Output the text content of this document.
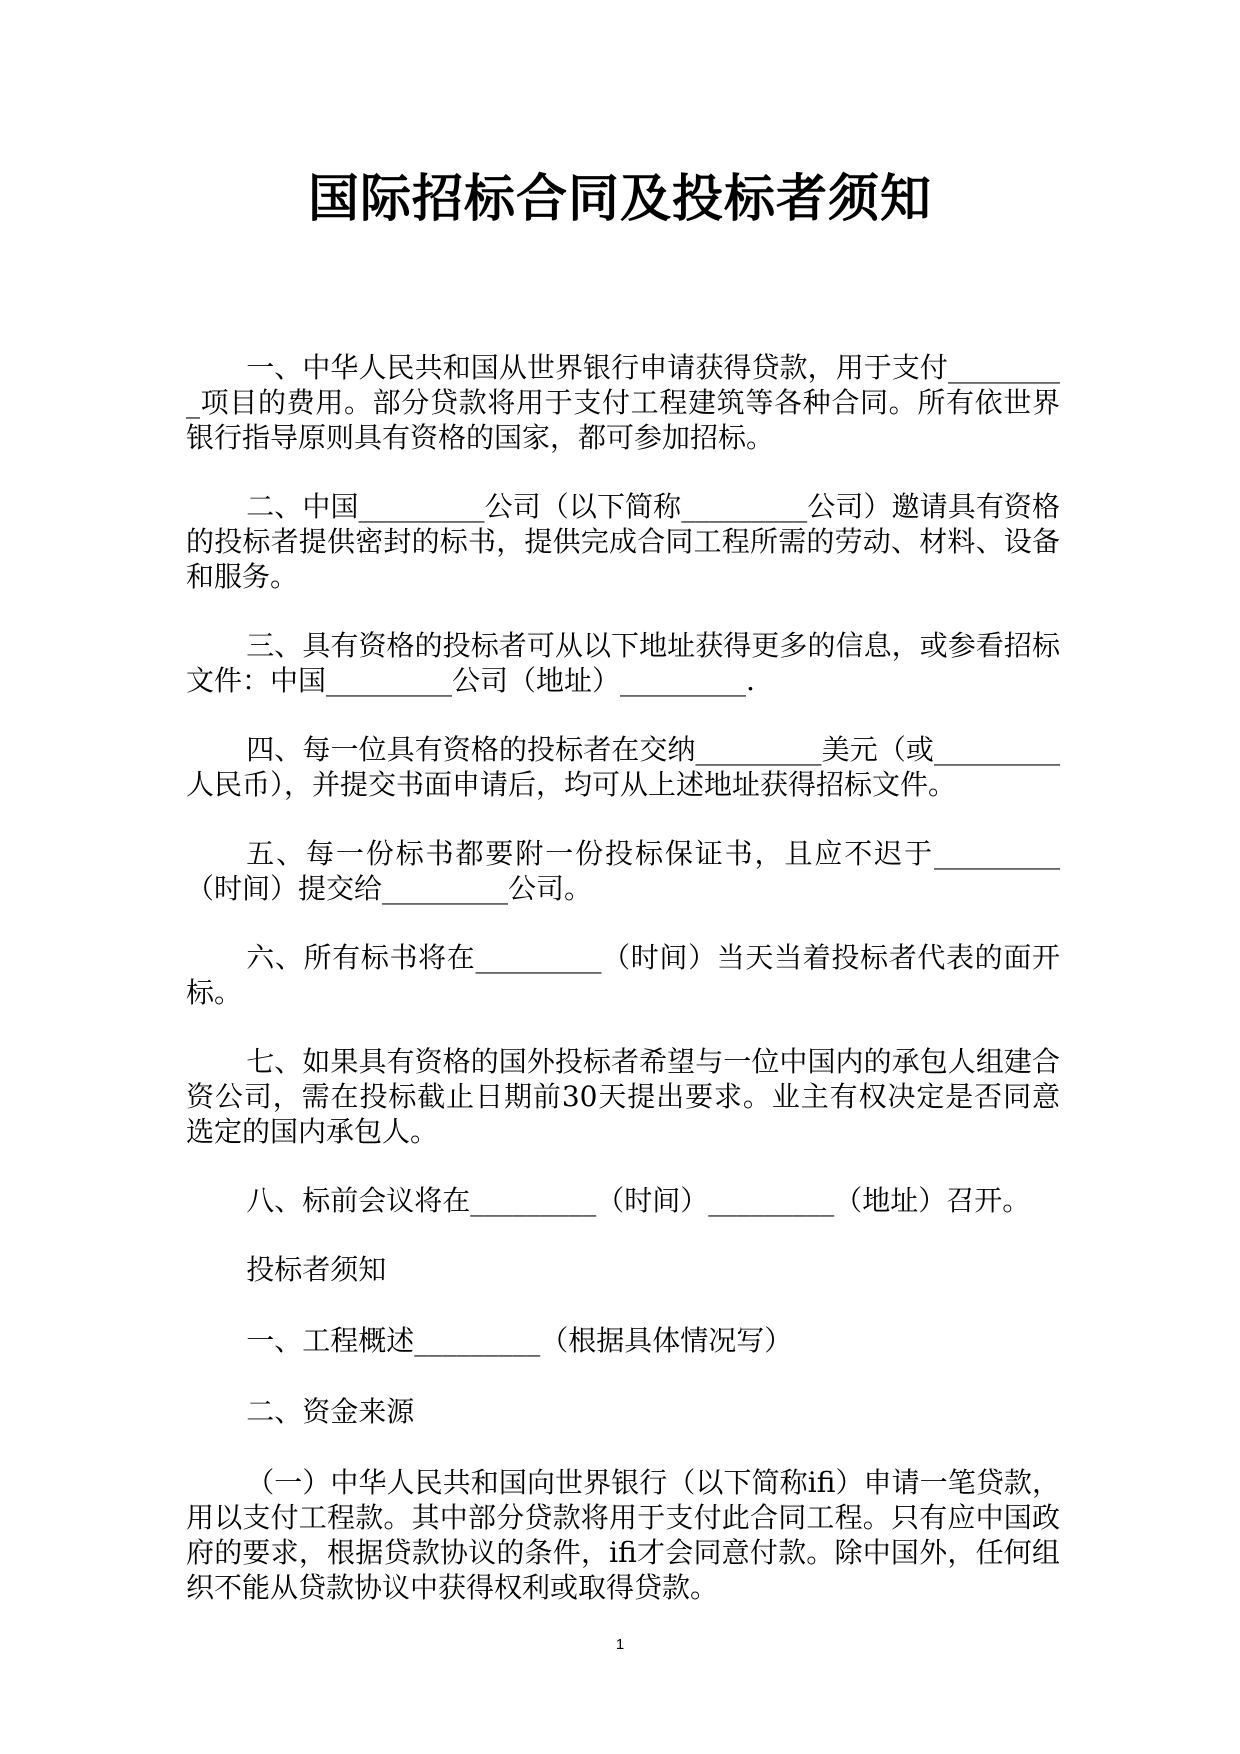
国际招标合同及投标者须知

一、中华人民共和国从世界银行申请获得贷款，用于支付_________项目的费用。部分贷款将用于支付工程建筑等各种合同。所有依世界银行指导原则具有资格的国家，都可参加招标。

二、中国_________公司（以下简称_________公司）邀请具有资格的投标者提供密封的标书，提供完成合同工程所需的劳动、材料、设备和服务。

三、具有资格的投标者可从以下地址获得更多的信息，或参看招标文件：中国_________公司（地址）_________.

四、每一位具有资格的投标者在交纳_________美元（或_________人民币），并提交书面申请后，均可从上述地址获得招标文件。

五、每一份标书都要附一份投标保证书，且应不迟于_________（时间）提交给_________公司。

六、所有标书将在_________（时间）当天当着投标者代表的面开标。

七、如果具有资格的国外投标者希望与一位中国内的承包人组建合资公司，需在投标截止日期前30天提出要求。业主有权决定是否同意选定的国内承包人。

八、标前会议将在_________（时间）_________（地址）召开。

投标者须知

一、工程概述_________（根据具体情况写）

二、资金来源

（一）中华人民共和国向世界银行（以下简称ifi）申请一笔贷款，用以支付工程款。其中部分贷款将用于支付此合同工程。只有应中国政府的要求，根据贷款协议的条件，ifi才会同意付款。除中国外，任何组织不能从贷款协议中获得权利或取得贷款。

1
